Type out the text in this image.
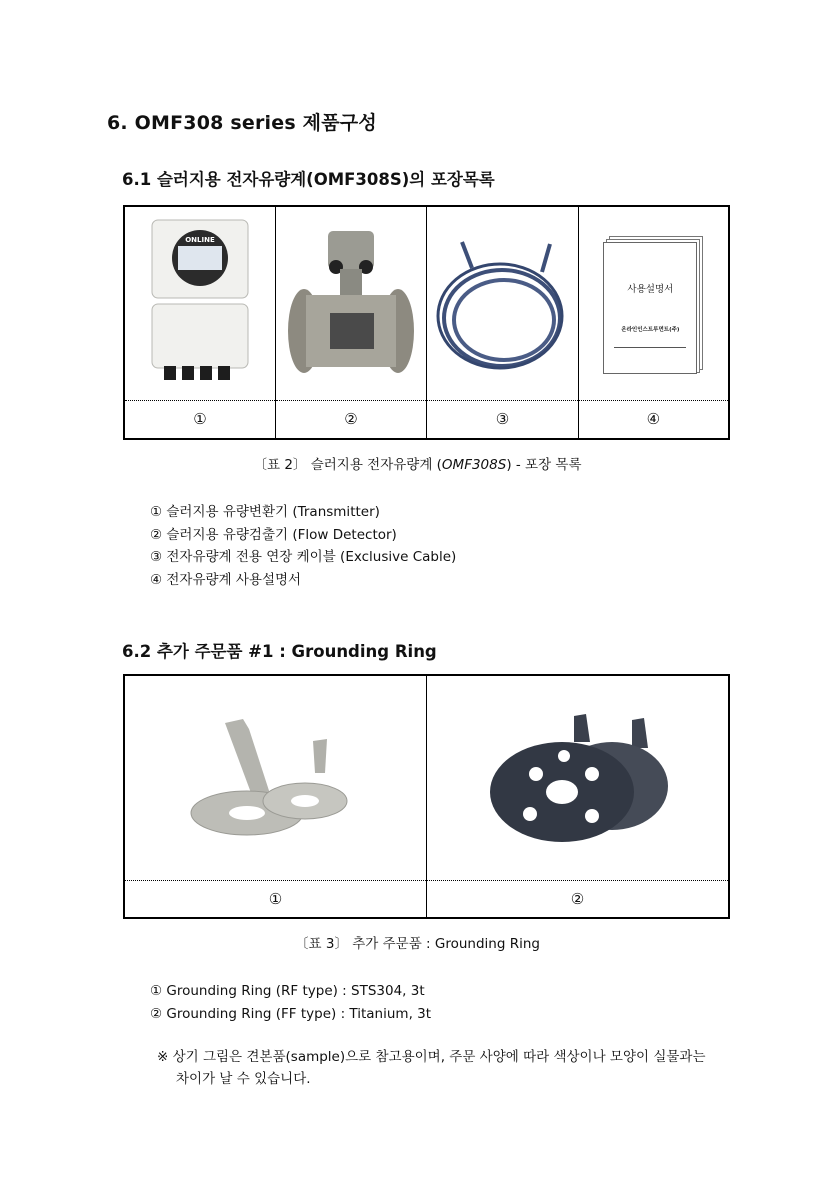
6. OMF308 series 제품구성
6.1 슬러지용 전자유량계(OMF308S)의 포장목록
ONLINE			사용설명서
온라인인스트루먼트(주)

①	②	③	④
〔표 2〕 슬러지용 전자유량계 (OMF308S) - 포장 목록
① 슬러지용 유량변환기 (Transmitter)
② 슬러지용 유량검출기 (Flow Detector)
③ 전자유량계 전용 연장 케이블 (Exclusive Cable)
④ 전자유량계 사용설명서
6.2 추가 주문품 #1 : Grounding Ring

①	②
〔표 3〕 추가 주문품 : Grounding Ring
① Grounding Ring (RF type) : STS304, 3t
② Grounding Ring (FF type) : Titanium, 3t
※ 상기 그림은 견본품(sample)으로 참고용이며, 주문 사양에 따라 색상이나 모양이 실물과는
차이가 날 수 있습니다.
